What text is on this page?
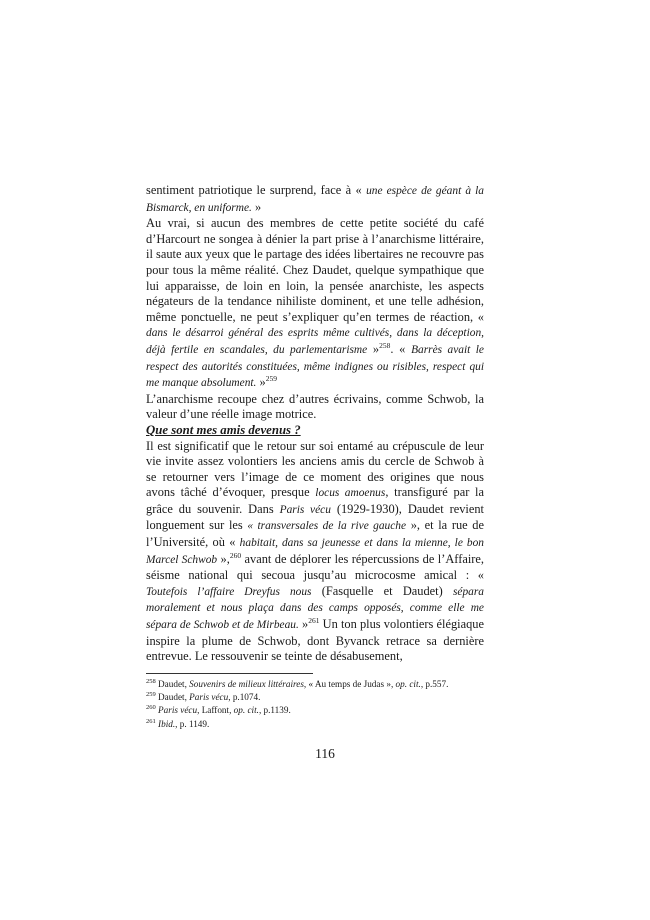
sentiment patriotique le surprend, face à « une espèce de géant à la Bismarck, en uniforme. »

Au vrai, si aucun des membres de cette petite société du café d’Harcourt ne songea à dénier la part prise à l’anarchisme littéraire, il saute aux yeux que le partage des idées libertaires ne recouvre pas pour tous la même réalité. Chez Daudet, quelque sympathique que lui apparaisse, de loin en loin, la pensée anarchiste, les aspects négateurs de la tendance nihiliste dominent, et une telle adhésion, même ponctuelle, ne peut s’expliquer qu’en termes de réaction, « dans le désarroi général des esprits même cultivés, dans la déception, déjà fertile en scandales, du parlementarisme »$^{258}$. « Barrès avait le respect des autorités constituées, même indignes ou risibles, respect qui me manque absolument. »$^{259}$

L’anarchisme recoupe chez d’autres écrivains, comme Schwob, la valeur d’une réelle image motrice.

Que sont mes amis devenus ?

Il est significatif que le retour sur soi entamé au crépuscule de leur vie invite assez volontiers les anciens amis du cercle de Schwob à se retourner vers l’image de ce moment des origines que nous avons tâché d’évoquer, presque locus amoenus, transfiguré par la grâce du souvenir. Dans Paris vécu (1929-1930), Daudet revient longuement sur les « transversales de la rive gauche », et la rue de l’Université, où « habitait, dans sa jeunesse et dans la mienne, le bon Marcel Schwob »,$^{260}$ avant de déplorer les répercussions de l’Affaire, séisme national qui secoua jusqu’au microcosme amical : « Toutefois l’affaire Dreyfus nous (Fasquelle et Daudet) sépara moralement et nous plaça dans des camps opposés, comme elle me sépara de Schwob et de Mirbeau. »$^{261}$ Un ton plus volontiers élégiaque inspire la plume de Schwob, dont Byvanck retrace sa dernière entrevue. Le ressouvenir se teinte de désabusement,

$^{258}$ Daudet, Souvenirs de milieux littéraires, « Au temps de Judas », op. cit., p.557.
$^{259}$ Daudet, Paris vécu, p.1074.
$^{260}$ Paris vécu, Laffont, op. cit., p.1139.
$^{261}$ Ibid., p. 1149.
116
